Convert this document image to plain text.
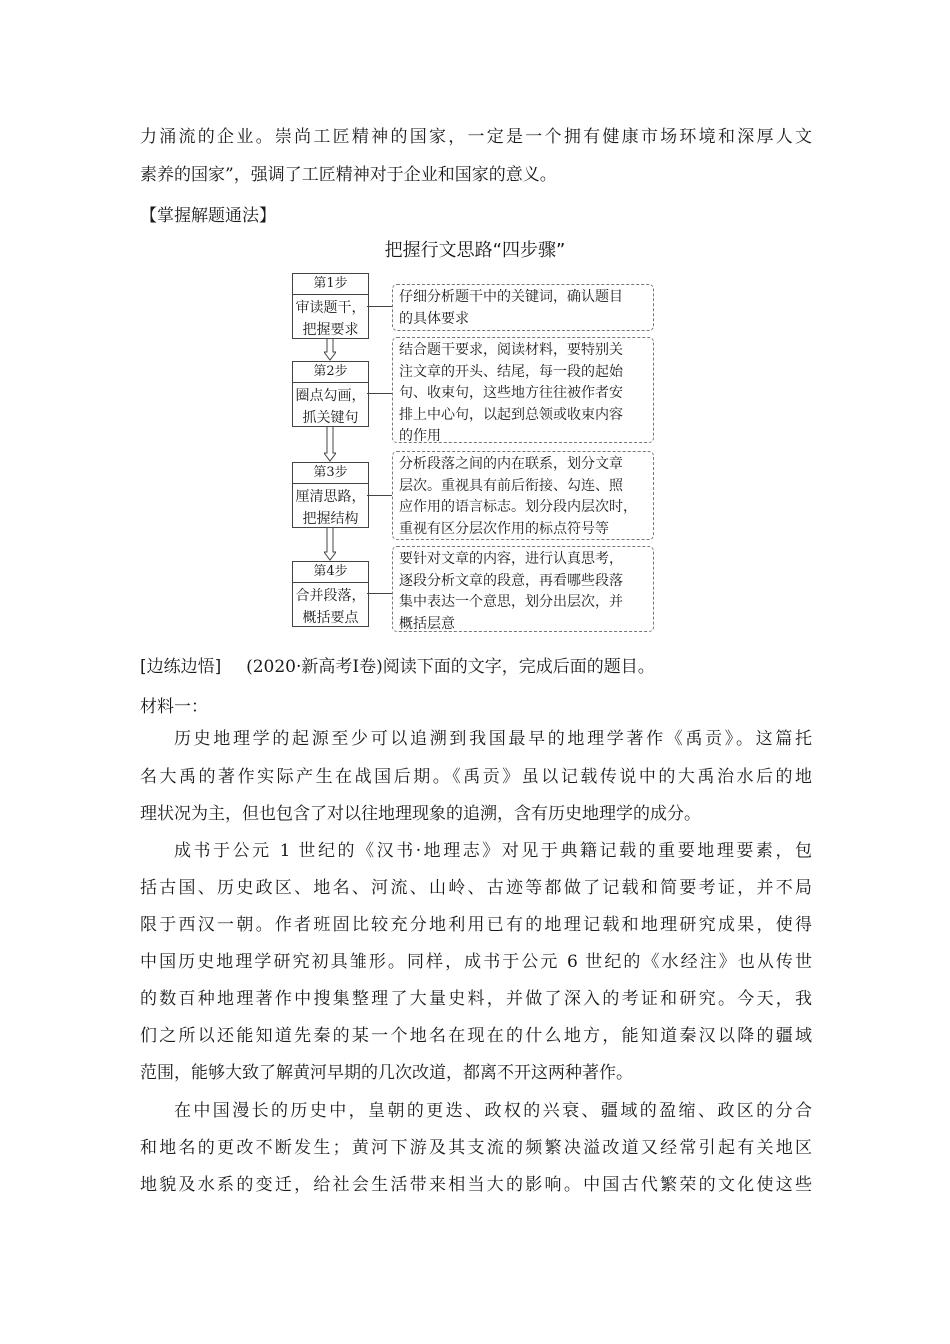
力涌流的企业。崇尚工匠精神的国家，一定是一个拥有健康市场环境和深厚人文
素养的国家”，强调了工匠精神对于企业和国家的意义。
【掌握解题通法】
把握行文思路“四步骤”
第1步
审读题干，
把握要求
仔细分析题干中的关键词，确认题目
的具体要求
第2步
圈点勾画，
抓关键句
结合题干要求，阅读材料，要特别关
注文章的开头、结尾，每一段的起始
句、收束句，这些地方往往被作者安
排上中心句，以起到总领或收束内容
的作用
第3步
厘清思路，
把握结构
分析段落之间的内在联系，划分文章
层次。重视具有前后衔接、勾连、照
应作用的语言标志。划分段内层次时，
重视有区分层次作用的标点符号等
第4步
合并段落，
概括要点
要针对文章的内容，进行认真思考，
逐段分析文章的段意，再看哪些段落
集中表达一个意思，划分出层次，并
概括层意
[边练边悟] (2020·新高考Ⅰ卷)阅读下面的文字，完成后面的题目。
材料一：
历史地理学的起源至少可以追溯到我国最早的地理学著作《禹贡》。这篇托
名大禹的著作实际产生在战国后期。《禹贡》虽以记载传说中的大禹治水后的地
理状况为主，但也包含了对以往地理现象的追溯，含有历史地理学的成分。
成书于公元 1 世纪的《汉书·地理志》对见于典籍记载的重要地理要素，包
括古国、历史政区、地名、河流、山岭、古迹等都做了记载和简要考证，并不局
限于西汉一朝。作者班固比较充分地利用已有的地理记载和地理研究成果，使得
中国历史地理学研究初具雏形。同样，成书于公元 6 世纪的《水经注》也从传世
的数百种地理著作中搜集整理了大量史料，并做了深入的考证和研究。今天，我
们之所以还能知道先秦的某一个地名在现在的什么地方，能知道秦汉以降的疆域
范围，能够大致了解黄河早期的几次改道，都离不开这两种著作。
在中国漫长的历史中，皇朝的更迭、政权的兴衰、疆域的盈缩、政区的分合
和地名的更改不断发生；黄河下游及其支流的频繁决溢改道又经常引起有关地区
地貌及水系的变迁，给社会生活带来相当大的影响。中国古代繁荣的文化使这些
